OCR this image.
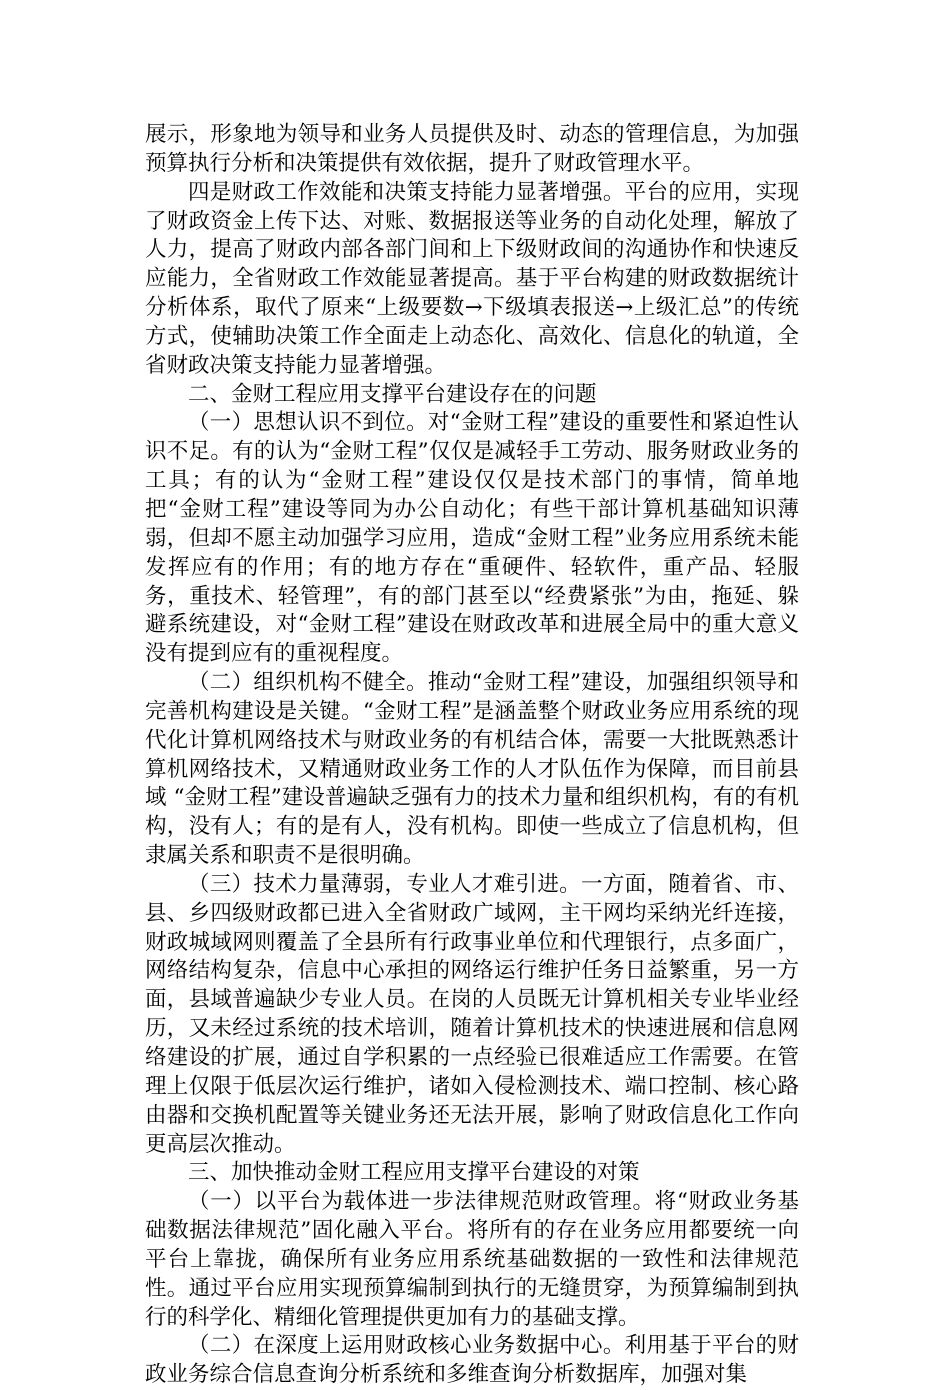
展示，形象地为领导和业务人员提供及时、动态的管理信息，为加强预算执行分析和决策提供有效依据，提升了财政管理水平。

四是财政工作效能和决策支持能力显著增强。平台的应用，实现了财政资金上传下达、对账、数据报送等业务的自动化处理，解放了人力，提高了财政内部各部门间和上下级财政间的沟通协作和快速反应能力，全省财政工作效能显著提高。基于平台构建的财政数据统计分析体系，取代了原来“上级要数→下级填表报送→上级汇总”的传统方式，使辅助决策工作全面走上动态化、高效化、信息化的轨道，全省财政决策支持能力显著增强。

二、金财工程应用支撑平台建设存在的问题

（一）思想认识不到位。对“金财工程”建设的重要性和紧迫性认识不足。有的认为“金财工程”仅仅是减轻手工劳动、服务财政业务的工具；有的认为“金财工程”建设仅仅是技术部门的事情，简单地把“金财工程”建设等同为办公自动化；有些干部计算机基础知识薄弱，但却不愿主动加强学习应用，造成“金财工程”业务应用系统未能发挥应有的作用；有的地方存在“重硬件、轻软件，重产品、轻服务，重技术、轻管理”，有的部门甚至以“经费紧张”为由，拖延、躲避系统建设，对“金财工程”建设在财政改革和进展全局中的重大意义没有提到应有的重视程度。

（二）组织机构不健全。推动“金财工程”建设，加强组织领导和完善机构建设是关键。“金财工程”是涵盖整个财政业务应用系统的现代化计算机网络技术与财政业务的有机结合体，需要一大批既熟悉计算机网络技术，又精通财政业务工作的人才队伍作为保障，而目前县域 “金财工程”建设普遍缺乏强有力的技术力量和组织机构，有的有机构，没有人；有的是有人，没有机构。即使一些成立了信息机构，但隶属关系和职责不是很明确。

（三）技术力量薄弱，专业人才难引进。一方面，随着省、市、县、乡四级财政都已进入全省财政广域网，主干网均采纳光纤连接，财政城域网则覆盖了全县所有行政事业单位和代理银行，点多面广，网络结构复杂，信息中心承担的网络运行维护任务日益繁重，另一方面，县域普遍缺少专业人员。在岗的人员既无计算机相关专业毕业经历，又未经过系统的技术培训，随着计算机技术的快速进展和信息网络建设的扩展，通过自学积累的一点经验已很难适应工作需要。在管理上仅限于低层次运行维护，诸如入侵检测技术、端口控制、核心路由器和交换机配置等关键业务还无法开展，影响了财政信息化工作向更高层次推动。

三、加快推动金财工程应用支撑平台建设的对策

（一）以平台为载体进一步法律规范财政管理。将“财政业务基础数据法律规范”固化融入平台。将所有的存在业务应用都要统一向平台上靠拢，确保所有业务应用系统基础数据的一致性和法律规范性。通过平台应用实现预算编制到执行的无缝贯穿，为预算编制到执行的科学化、精细化管理提供更加有力的基础支撑。

（二）在深度上运用财政核心业务数据中心。利用基于平台的财政业务综合信息查询分析系统和多维查询分析数据库，加强对集
